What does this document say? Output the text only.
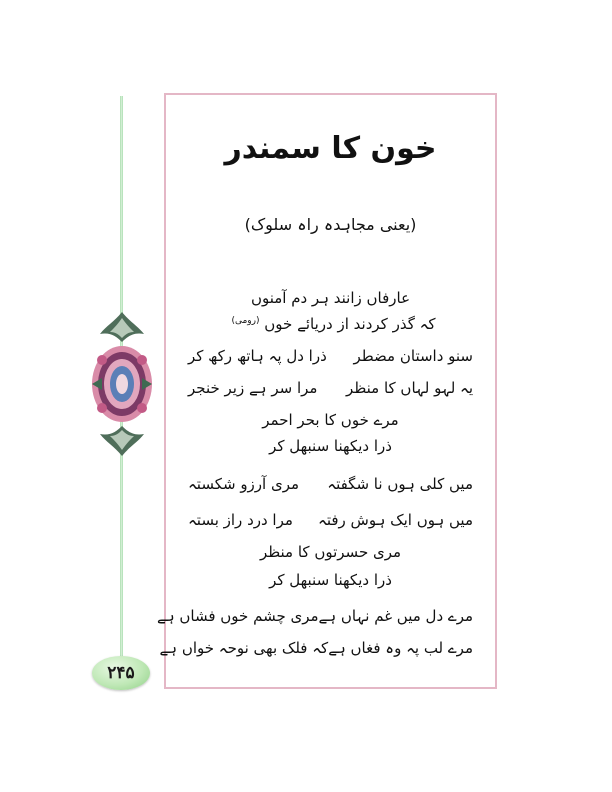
۲۴۵
خون کا سمندر
(یعنی مجاہدہ راہ سلوک)
عارفاں زانند ہر دم آمنوں
کہ گذر کردند از دریائے خوں $^{(رومی)}$
سنو داستان مضطر
ذرا دل پہ ہاتھ رکھ کر
یہ لہو لہاں کا منظر
مرا سر ہے زیر خنجر
مرے خوں کا بحر احمر
ذرا دیکھنا سنبھل کر
میں کلی ہوں نا شگفتہ
مری آرزو شکستہ
میں ہوں ایک ہوش رفتہ
مرا درد راز بستہ
مری حسرتوں کا منظر
ذرا دیکھنا سنبھل کر
مرے دل میں غم نہاں ہے
مری چشم خوں فشاں ہے
مرے لب پہ وہ فغاں ہے
کہ فلک بھی نوحہ خواں ہے
